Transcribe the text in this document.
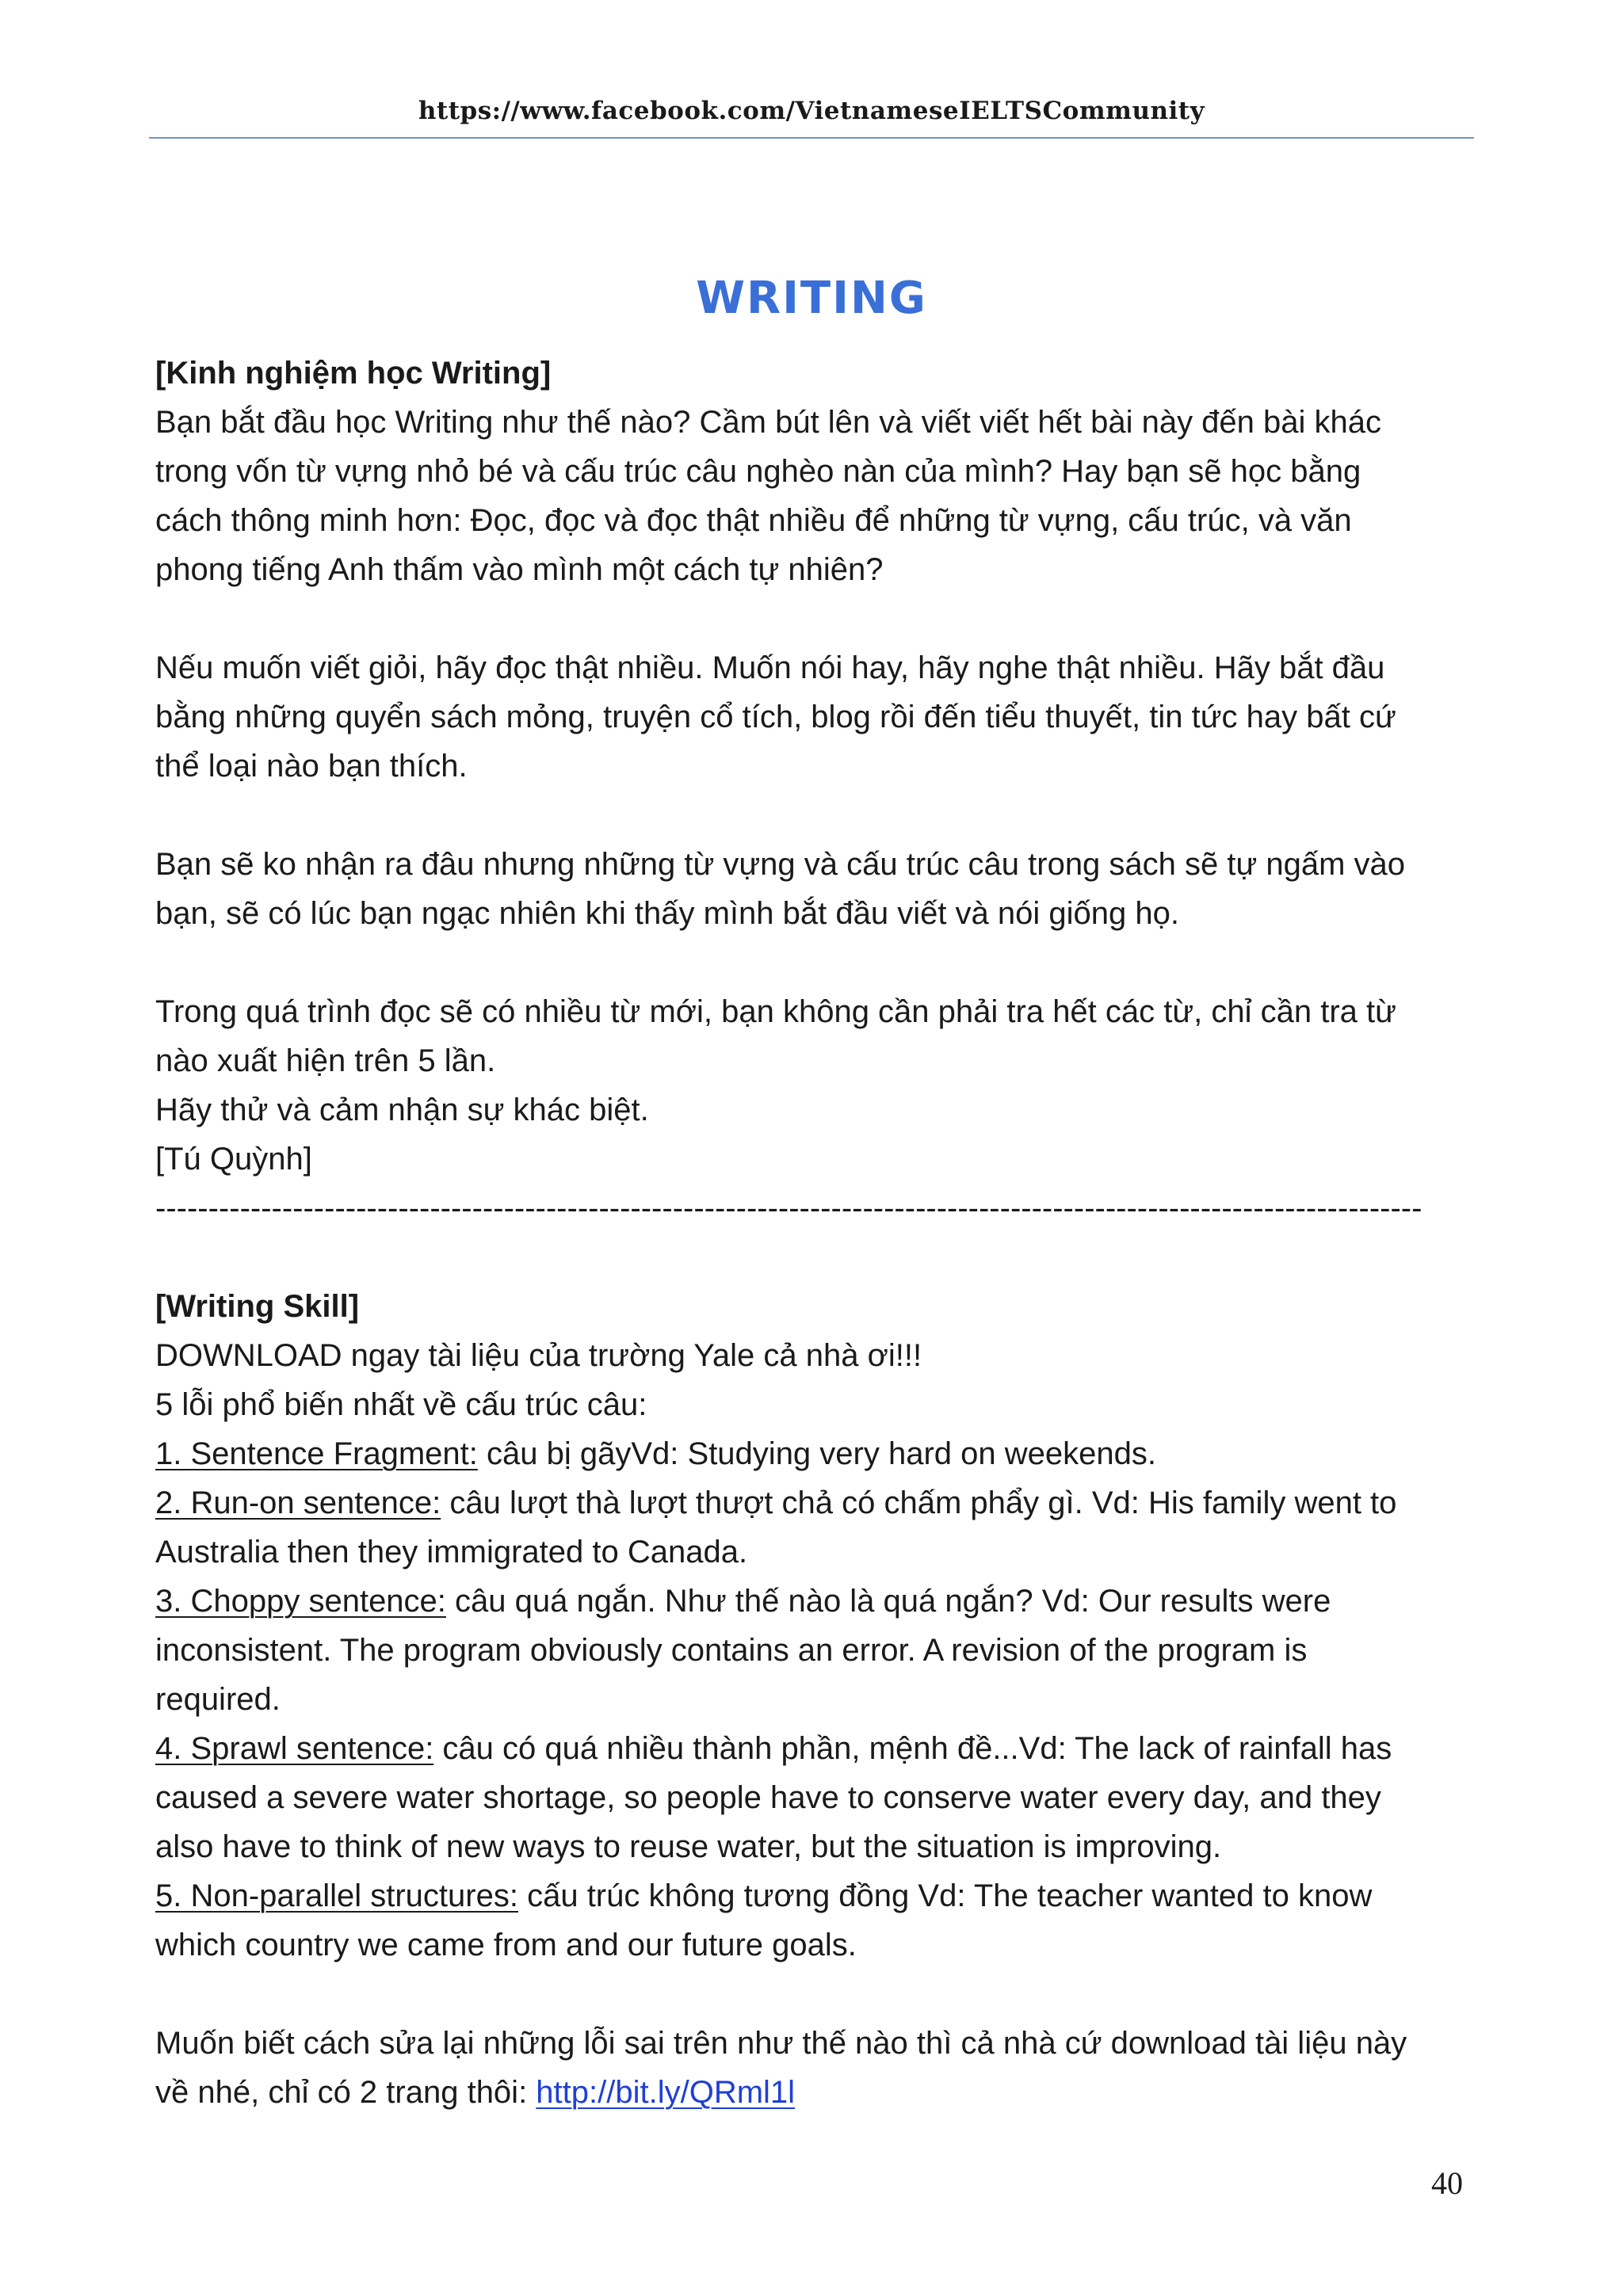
https://www.facebook.com/VietnameseIELTSCommunity
WRITING
[Kinh nghiệm học Writing]
Bạn bắt đầu học Writing như thế nào? Cầm bút lên và viết viết hết bài này đến bài khác
trong vốn từ vựng nhỏ bé và cấu trúc câu nghèo nàn của mình? Hay bạn sẽ học bằng
cách thông minh hơn: Đọc, đọc và đọc thật nhiều để những từ vựng, cấu trúc, và văn
phong tiếng Anh thấm vào mình một cách tự nhiên?
Nếu muốn viết giỏi, hãy đọc thật nhiều. Muốn nói hay, hãy nghe thật nhiều. Hãy bắt đầu
bằng những quyển sách mỏng, truyện cổ tích, blog rồi đến tiểu thuyết, tin tức hay bất cứ
thể loại nào bạn thích.
Bạn sẽ ko nhận ra đâu nhưng những từ vựng và cấu trúc câu trong sách sẽ tự ngấm vào
bạn, sẽ có lúc bạn ngạc nhiên khi thấy mình bắt đầu viết và nói giống họ.
Trong quá trình đọc sẽ có nhiều từ mới, bạn không cần phải tra hết các từ, chỉ cần tra từ
nào xuất hiện trên 5 lần.
Hãy thử và cảm nhận sự khác biệt.
[Tú Quỳnh]
------------------------------------------------------------------------------------------------------------------------
[Writing Skill]
DOWNLOAD ngay tài liệu của trường Yale cả nhà ơi!!!
5 lỗi phổ biến nhất về cấu trúc câu:
1. Sentence Fragment: câu bị gãyVd: Studying very hard on weekends.
2. Run-on sentence: câu lượt thà lượt thượt chả có chấm phẩy gì. Vd: His family went to
Australia then they immigrated to Canada.
3. Choppy sentence: câu quá ngắn. Như thế nào là quá ngắn? Vd: Our results were
inconsistent. The program obviously contains an error. A revision of the program is
required.
4. Sprawl sentence: câu có quá nhiều thành phần, mệnh đề...Vd: The lack of rainfall has
caused a severe water shortage, so people have to conserve water every day, and they
also have to think of new ways to reuse water, but the situation is improving.
5. Non-parallel structures: cấu trúc không tương đồng Vd: The teacher wanted to know
which country we came from and our future goals.
Muốn biết cách sửa lại những lỗi sai trên như thế nào thì cả nhà cứ download tài liệu này
về nhé, chỉ có 2 trang thôi: http://bit.ly/QRml1l
40
